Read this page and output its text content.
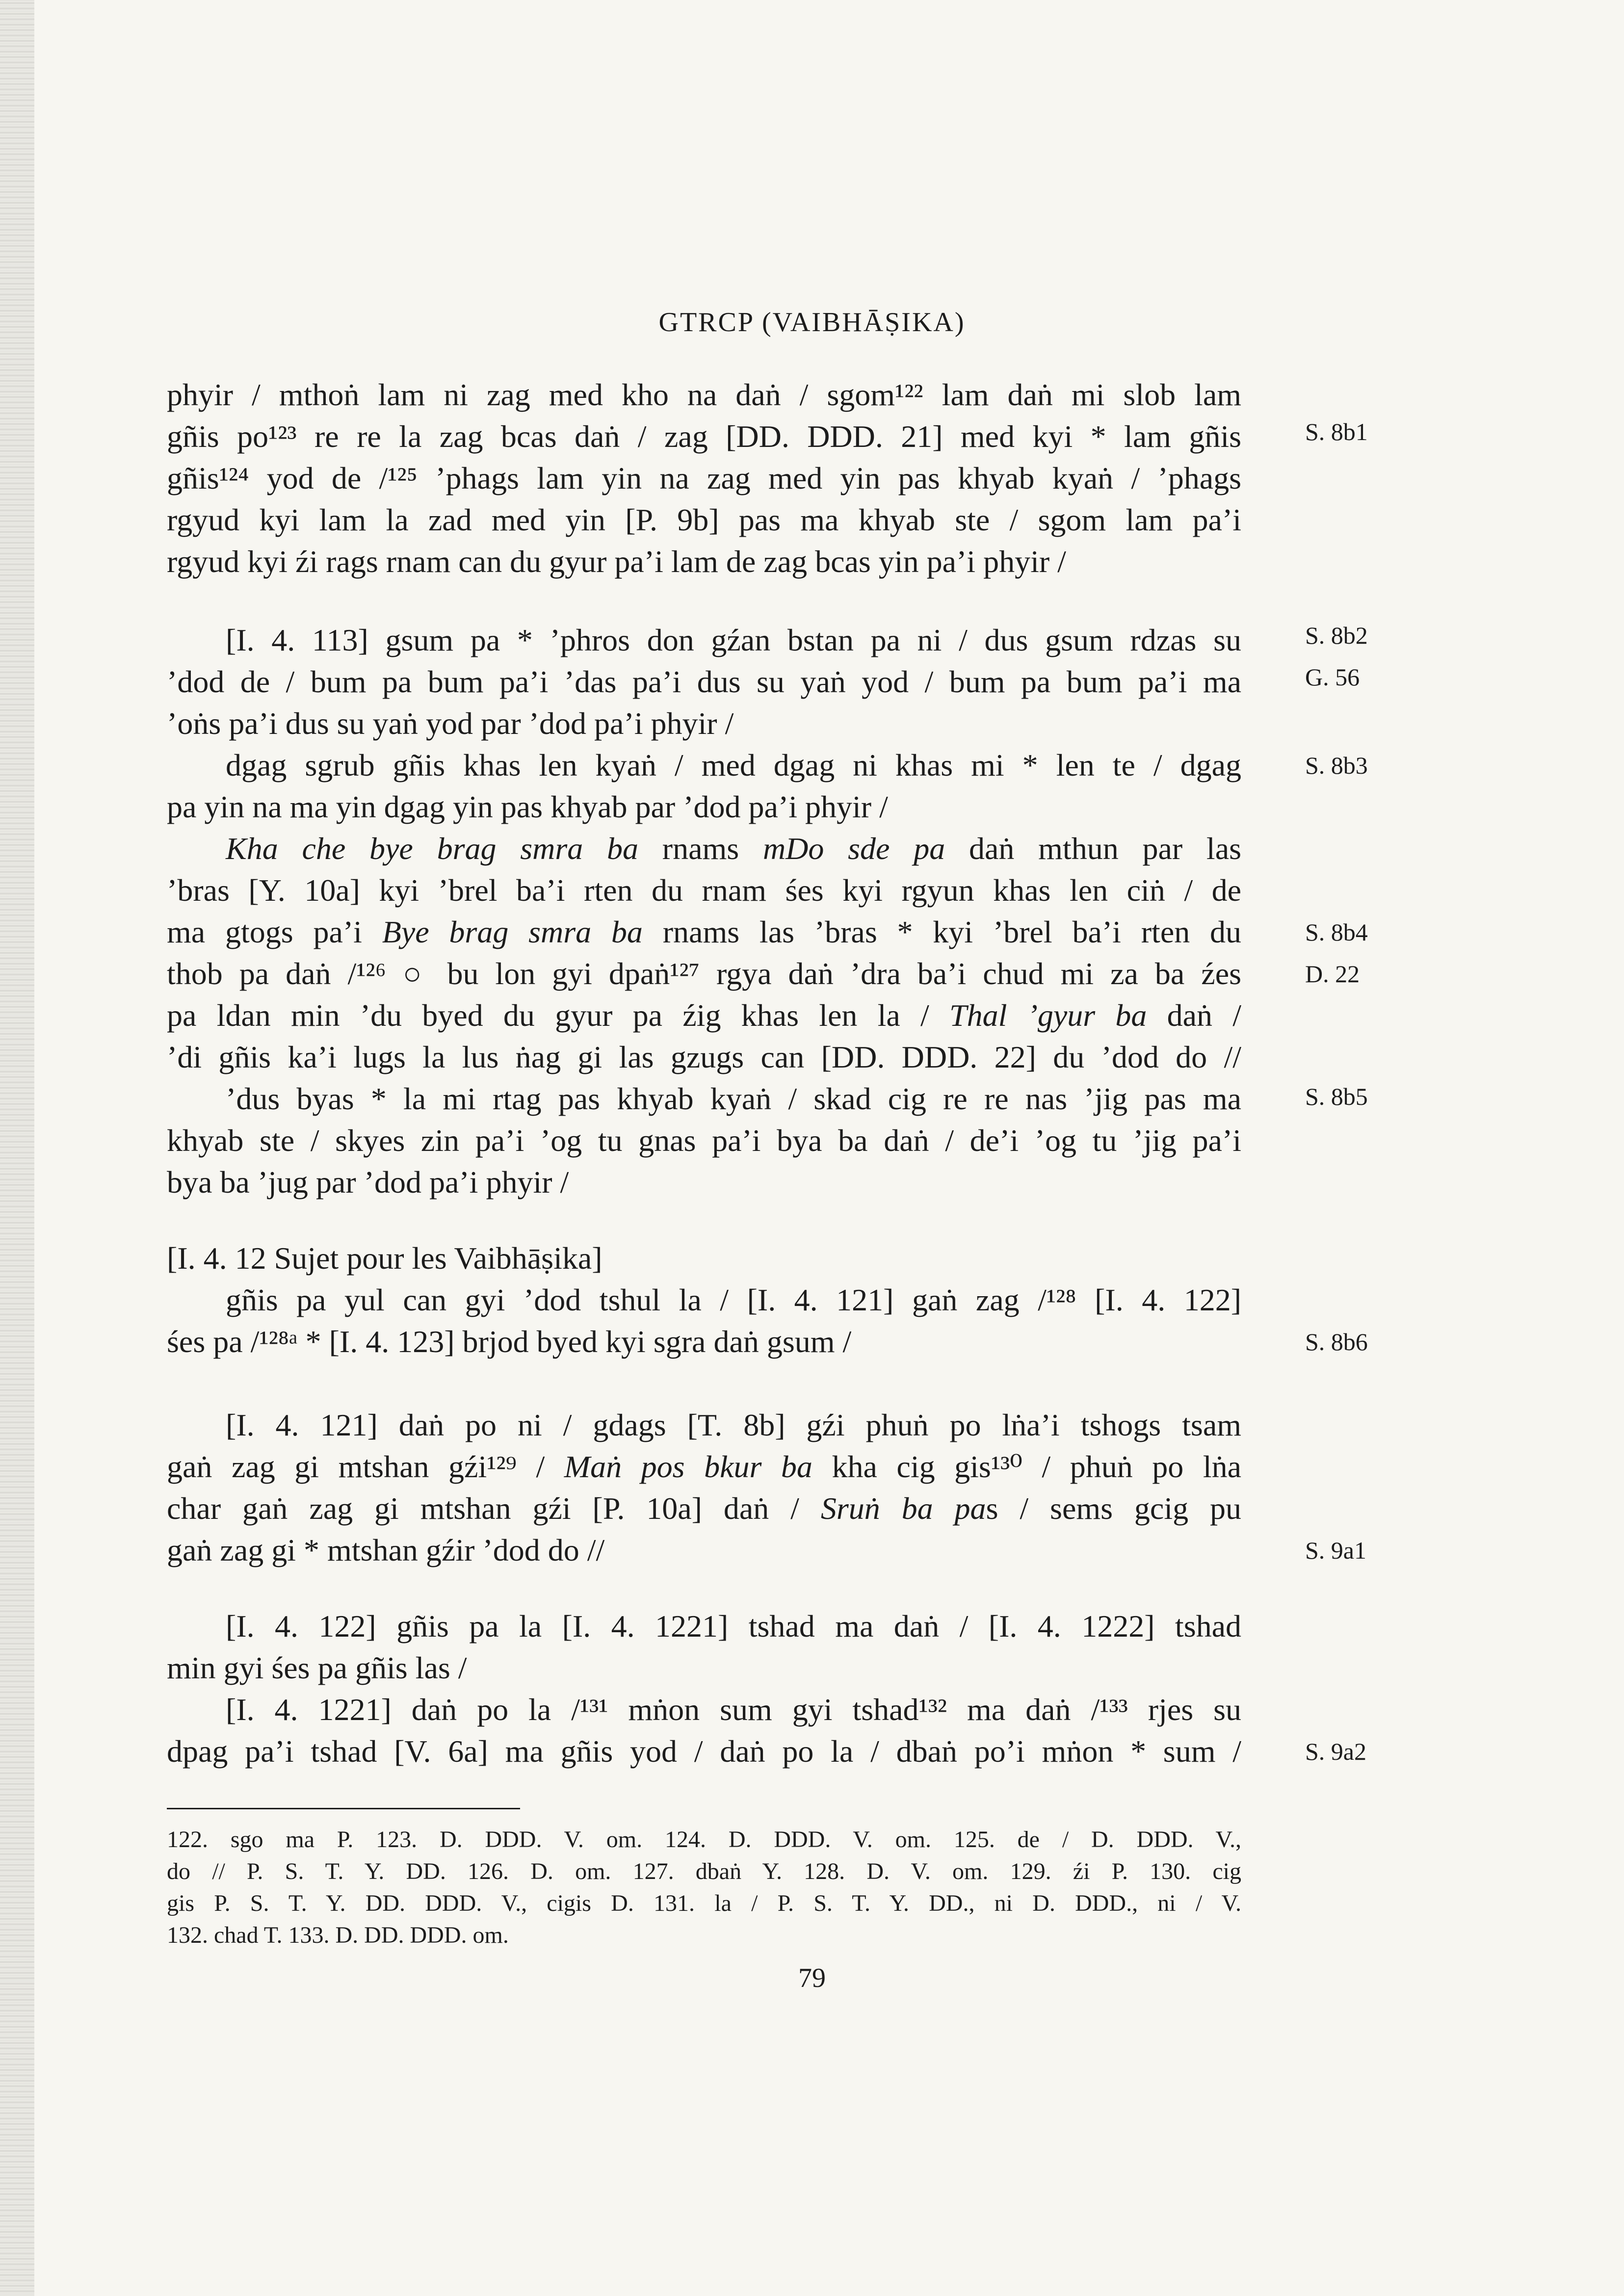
GTRCP (VAIBHĀṢIKA)
phyir / mthoṅ lam ni zag med kho na daṅ / sgom¹²² lam daṅ mi slob lam
gñis po¹²³ re re la zag bcas daṅ / zag [DD. DDD. 21] med kyi * lam gñis
gñis¹²⁴ yod de /¹²⁵ ’phags lam yin na zag med yin pas khyab kyaṅ / ’phags
rgyud kyi lam la zad med yin [P. 9b] pas ma khyab ste / sgom lam pa’i
rgyud kyi źi rags rnam can du gyur pa’i lam de zag bcas yin pa’i phyir /
[I. 4. 113] gsum pa * ’phros don gźan bstan pa ni / dus gsum rdzas su
’dod de / bum pa bum pa’i ’das pa’i dus su yaṅ yod / bum pa bum pa’i ma
’oṅs pa’i dus su yaṅ yod par ’dod pa’i phyir /
dgag sgrub gñis khas len kyaṅ / med dgag ni khas mi * len te / dgag
pa yin na ma yin dgag yin pas khyab par ’dod pa’i phyir /
Kha che bye brag smra ba rnams mDo sde pa daṅ mthun par las
’bras [Y. 10a] kyi ’brel ba’i rten du rnam śes kyi rgyun khas len ciṅ / de
ma gtogs pa’i Bye brag smra ba rnams las ’bras * kyi ’brel ba’i rten du
thob pa daṅ /¹²⁶ ○ bu lon gyi dpaṅ¹²⁷ rgya daṅ ’dra ba’i chud mi za ba źes
pa ldan min ’du byed du gyur pa źig khas len la / Thal ’gyur ba daṅ /
’di gñis ka’i lugs la lus ṅag gi las gzugs can [DD. DDD. 22] du ’dod do //
’dus byas * la mi rtag pas khyab kyaṅ / skad cig re re nas ’jig pas ma
khyab ste / skyes zin pa’i ’og tu gnas pa’i bya ba daṅ / de’i ’og tu ’jig pa’i
bya ba ’jug par ’dod pa’i phyir /
[I. 4. 12 Sujet pour les Vaibhāṣika]
gñis pa yul can gyi ’dod tshul la / [I. 4. 121] gaṅ zag /¹²⁸ [I. 4. 122]
śes pa /¹²⁸ᵃ * [I. 4. 123] brjod byed kyi sgra daṅ gsum /
[I. 4. 121] daṅ po ni / gdags [T. 8b] gźi phuṅ po lṅa’i tshogs tsam
gaṅ zag gi mtshan gźi¹²⁹ / Maṅ pos bkur ba kha cig gis¹³⁰ / phuṅ po lṅa
char gaṅ zag gi mtshan gźi [P. 10a] daṅ / Sruṅ ba pas / sems gcig pu
gaṅ zag gi * mtshan gźir ’dod do //
[I. 4. 122] gñis pa la [I. 4. 1221] tshad ma daṅ / [I. 4. 1222] tshad
min gyi śes pa gñis las /
[I. 4. 1221] daṅ po la /¹³¹ mṅon sum gyi tshad¹³² ma daṅ /¹³³ rjes su
dpag pa’i tshad [V. 6a] ma gñis yod / daṅ po la / dbaṅ po’i mṅon * sum /
122. sgo ma P. 123. D. DDD. V. om. 124. D. DDD. V. om. 125. de / D. DDD. V.,
do // P. S. T. Y. DD. 126. D. om. 127. dbaṅ Y. 128. D. V. om. 129. źi P. 130. cig
gis P. S. T. Y. DD. DDD. V., cigis D. 131. la / P. S. T. Y. DD., ni D. DDD., ni / V.
132. chad T. 133. D. DD. DDD. om.
S. 8b1
S. 8b2
G. 56
S. 8b3
S. 8b4
D. 22
S. 8b5
S. 8b6
S. 9a1
S. 9a2
79
